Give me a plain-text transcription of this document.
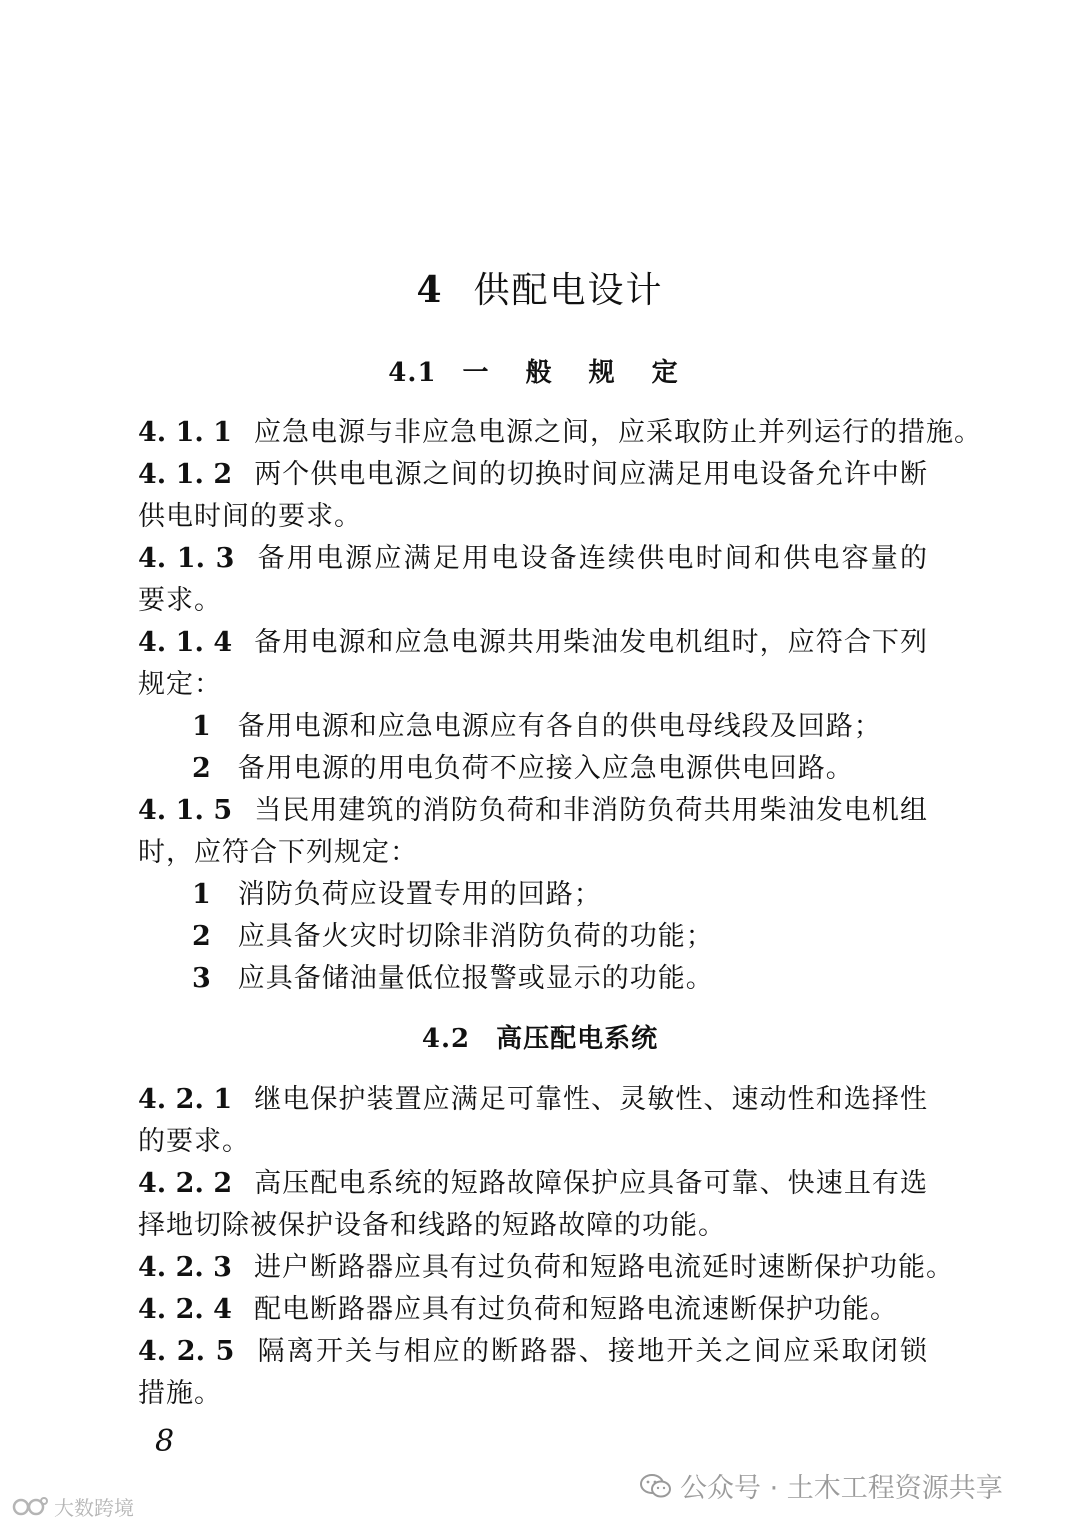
4 供配电设计
4.1 一 般 规 定
4. 1. 1 应急电源与非应急电源之间，应采取防止并列运行的措施。
4. 1. 2 两个供电电源之间的切换时间应满足用电设备允许中断
供电时间的要求。
4. 1. 3 备用电源应满足用电设备连续供电时间和供电容量的
要求。
4. 1. 4 备用电源和应急电源共用柴油发电机组时，应符合下列
规定：
1 备用电源和应急电源应有各自的供电母线段及回路；
2 备用电源的用电负荷不应接入应急电源供电回路。
4. 1. 5 当民用建筑的消防负荷和非消防负荷共用柴油发电机组
时，应符合下列规定：
1 消防负荷应设置专用的回路；
2 应具备火灾时切除非消防负荷的功能；
3 应具备储油量低位报警或显示的功能。
4.2 高压配电系统
4. 2. 1 继电保护装置应满足可靠性、灵敏性、速动性和选择性
的要求。
4. 2. 2 高压配电系统的短路故障保护应具备可靠、快速且有选
择地切除被保护设备和线路的短路故障的功能。
4. 2. 3 进户断路器应具有过负荷和短路电流延时速断保护功能。
4. 2. 4 配电断路器应具有过负荷和短路电流速断保护功能。
4. 2. 5 隔离开关与相应的断路器、接地开关之间应采取闭锁
措施。
8
公众号 · 土木工程资源共享
大数跨境
